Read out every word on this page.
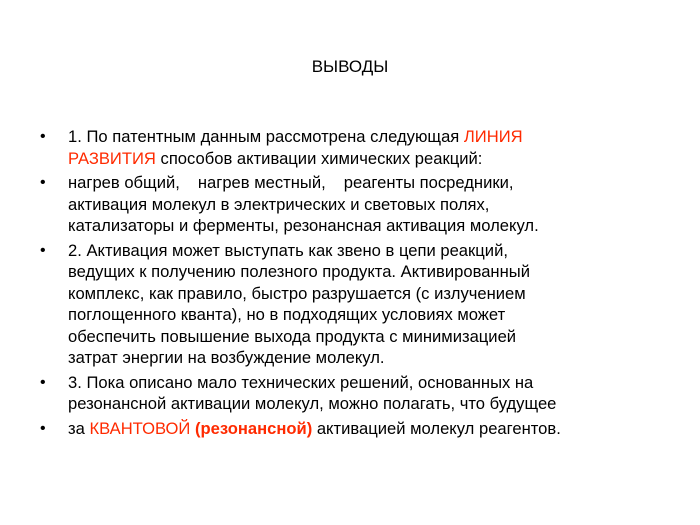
ВЫВОДЫ
• 1. По патентным данным рассмотрена следующая ЛИНИЯ
РАЗВИТИЯ способов активации химических реакций:
• нагрев общий, нагрев местный, реагенты посредники,
активация молекул в электрических и световых полях,
катализаторы и ферменты, резонансная активация молекул.
• 2. Активация может выступать как звено в цепи реакций,
ведущих к получению полезного продукта. Активированный
комплекс, как правило, быстро разрушается (с излучением
поглощенного кванта), но в подходящих условиях может
обеспечить повышение выхода продукта с минимизацией
затрат энергии на возбуждение молекул.
• 3. Пока описано мало технических решений, основанных на
резонансной активации молекул, можно полагать, что будущее
• за КВАНТОВОЙ (резонансной) активацией молекул реагентов.
